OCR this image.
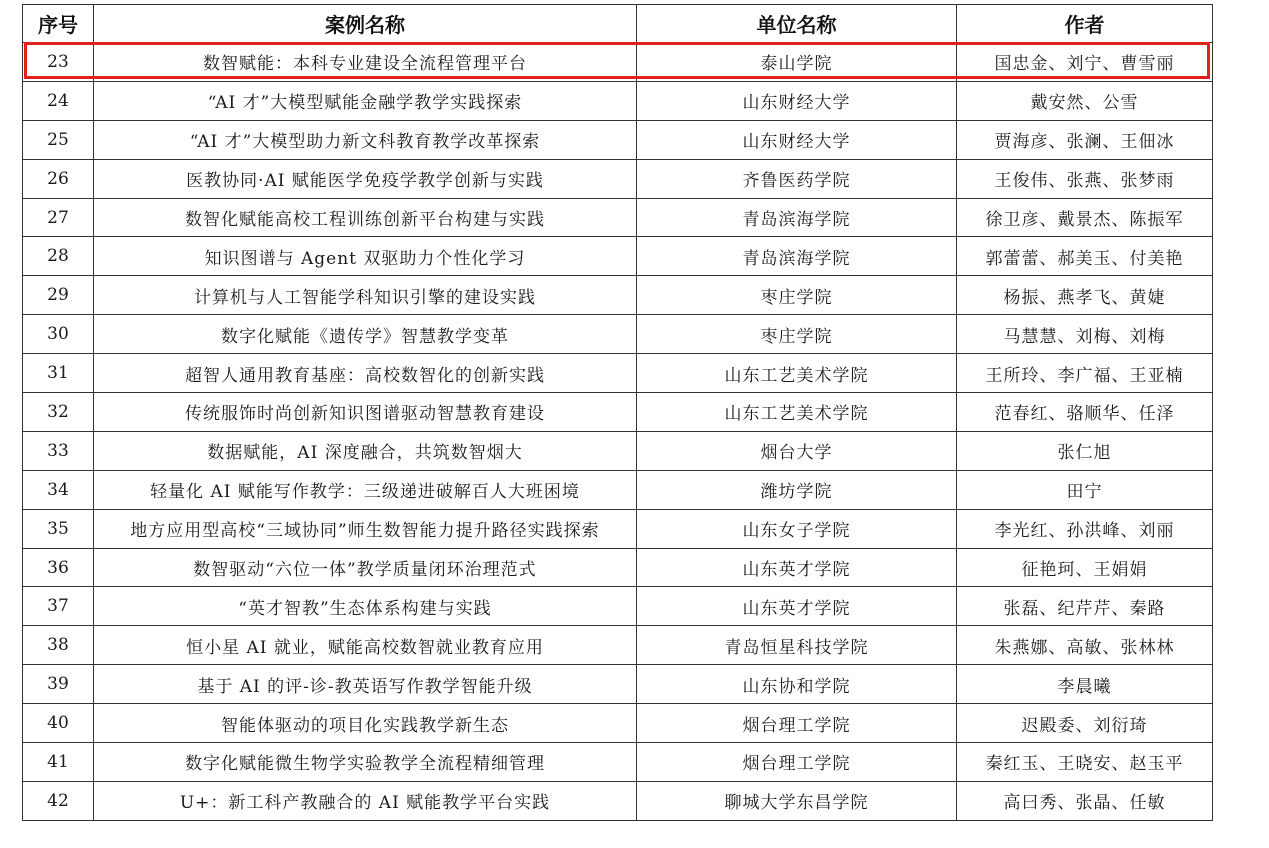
序号	案例名称	单位名称	作者
23	数智赋能：本科专业建设全流程管理平台	泰山学院	国忠金、刘宁、曹雪丽
24	“AI 才”大模型赋能金融学教学实践探索	山东财经大学	戴安然、公雪
25	“AI 才”大模型助力新文科教育教学改革探索	山东财经大学	贾海彦、张澜、王佃冰
26	医教协同·AI 赋能医学免疫学教学创新与实践	齐鲁医药学院	王俊伟、张燕、张梦雨
27	数智化赋能高校工程训练创新平台构建与实践	青岛滨海学院	徐卫彦、戴景杰、陈振军
28	知识图谱与 Agent 双驱助力个性化学习	青岛滨海学院	郭蕾蕾、郝美玉、付美艳
29	计算机与人工智能学科知识引擎的建设实践	枣庄学院	杨振、燕孝飞、黄婕
30	数字化赋能《遗传学》智慧教学变革	枣庄学院	马慧慧、刘梅、刘梅
31	超智人通用教育基座：高校数智化的创新实践	山东工艺美术学院	王所玲、李广福、王亚楠
32	传统服饰时尚创新知识图谱驱动智慧教育建设	山东工艺美术学院	范春红、骆顺华、任泽
33	数据赋能，AI 深度融合，共筑数智烟大	烟台大学	张仁旭
34	轻量化 AI 赋能写作教学：三级递进破解百人大班困境	潍坊学院	田宁
35	地方应用型高校“三域协同”师生数智能力提升路径实践探索	山东女子学院	李光红、孙洪峰、刘丽
36	数智驱动“六位一体”教学质量闭环治理范式	山东英才学院	征艳珂、王娟娟
37	“英才智教”生态体系构建与实践	山东英才学院	张磊、纪芹芹、秦路
38	恒小星 AI 就业，赋能高校数智就业教育应用	青岛恒星科技学院	朱燕娜、高敏、张林林
39	基于 AI 的评-诊-教英语写作教学智能升级	山东协和学院	李晨曦
40	智能体驱动的项目化实践教学新生态	烟台理工学院	迟殿委、刘衍琦
41	数字化赋能微生物学实验教学全流程精细管理	烟台理工学院	秦红玉、王晓安、赵玉平
42	U+：新工科产教融合的 AI 赋能教学平台实践	聊城大学东昌学院	高曰秀、张晶、任敏
